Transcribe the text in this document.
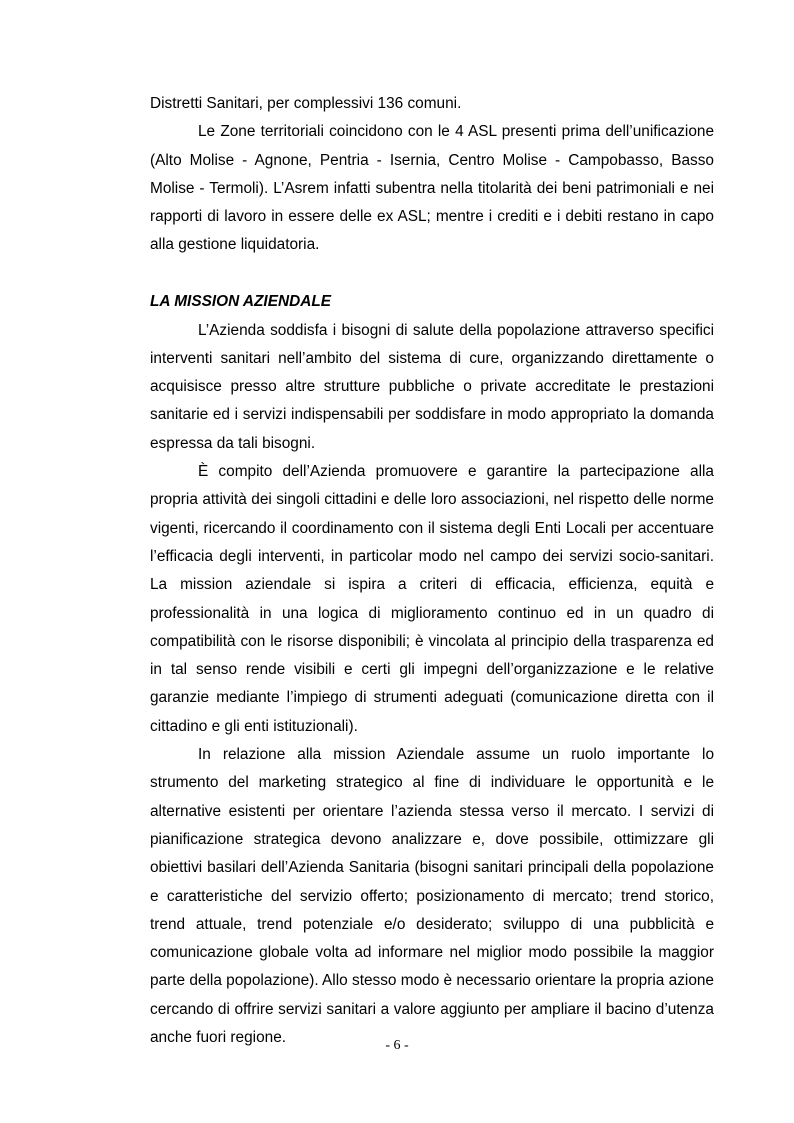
Distretti Sanitari, per complessivi 136 comuni.

Le Zone territoriali coincidono con le 4 ASL presenti prima dell’unificazione (Alto Molise - Agnone, Pentria - Isernia, Centro Molise - Campobasso, Basso Molise - Termoli). L’Asrem infatti subentra nella titolarità dei beni patrimoniali e nei rapporti di lavoro in essere delle ex ASL; mentre i crediti e i debiti restano in capo alla gestione liquidatoria.

LA MISSION AZIENDALE

L’Azienda soddisfa i bisogni di salute della popolazione attraverso specifici interventi sanitari nell’ambito del sistema di cure, organizzando direttamente o acquisisce presso altre strutture pubbliche o private accreditate le prestazioni sanitarie ed i servizi indispensabili per soddisfare in modo appropriato la domanda espressa da tali bisogni.

È compito dell’Azienda promuovere e garantire la partecipazione alla propria attività dei singoli cittadini e delle loro associazioni, nel rispetto delle norme vigenti, ricercando il coordinamento con il sistema degli Enti Locali per accentuare l’efficacia degli interventi, in particolar modo nel campo dei servizi socio-sanitari. La mission aziendale si ispira a criteri di efficacia, efficienza, equità e professionalità in una logica di miglioramento continuo ed in un quadro di compatibilità con le risorse disponibili; è vincolata al principio della trasparenza ed in tal senso rende visibili e certi gli impegni dell’organizzazione e le relative garanzie mediante l’impiego di strumenti adeguati (comunicazione diretta con il cittadino e gli enti istituzionali).

In relazione alla mission Aziendale assume un ruolo importante lo strumento del marketing strategico al fine di individuare le opportunità e le alternative esistenti per orientare l’azienda stessa verso il mercato. I servizi di pianificazione strategica devono analizzare e, dove possibile, ottimizzare gli obiettivi basilari dell’Azienda Sanitaria (bisogni sanitari principali della popolazione e caratteristiche del servizio offerto; posizionamento di mercato; trend storico, trend attuale, trend potenziale e/o desiderato; sviluppo di una pubblicità e comunicazione globale volta ad informare nel miglior modo possibile la maggior parte della popolazione). Allo stesso modo è necessario orientare la propria azione cercando di offrire servizi sanitari a valore aggiunto per ampliare il bacino d’utenza anche fuori regione.	- 6 -
